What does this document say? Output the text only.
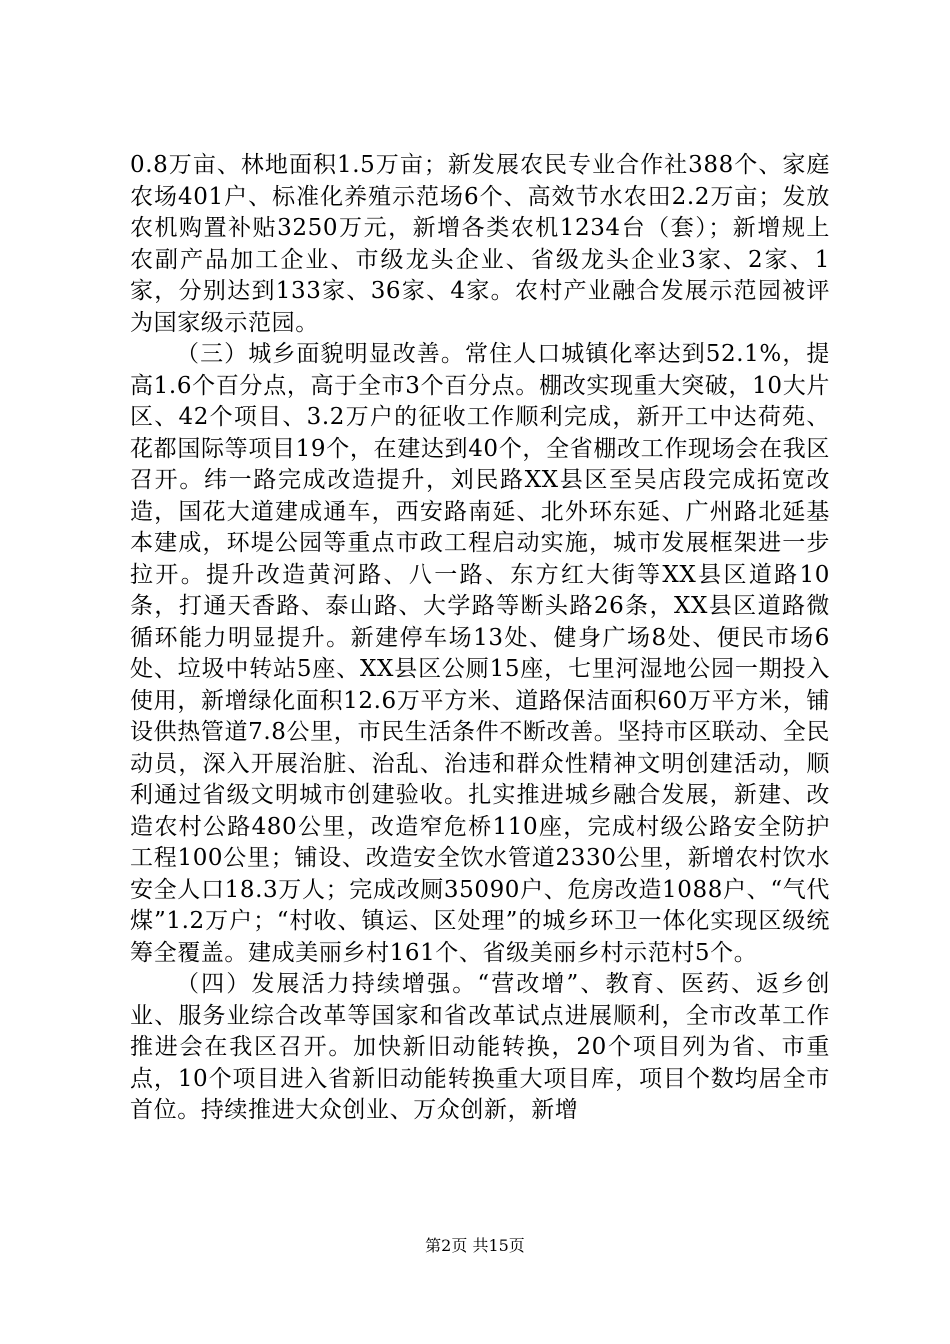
0.8万亩、林地面积1.5万亩；新发展农民专业合作社388个、家庭农场401户、标准化养殖示范场6个、高效节水农田2.2万亩；发放农机购置补贴3250万元，新增各类农机1234台（套）；新增规上农副产品加工企业、市级龙头企业、省级龙头企业3家、2家、1家，分别达到133家、36家、4家。农村产业融合发展示范园被评为国家级示范园。

（三）城乡面貌明显改善。常住人口城镇化率达到52.1%，提高1.6个百分点，高于全市3个百分点。棚改实现重大突破，10大片区、42个项目、3.2万户的征收工作顺利完成，新开工中达荷苑、花都国际等项目19个，在建达到40个，全省棚改工作现场会在我区召开。纬一路完成改造提升，刘民路XX县区至吴店段完成拓宽改造，国花大道建成通车，西安路南延、北外环东延、广州路北延基本建成，环堤公园等重点市政工程启动实施，城市发展框架进一步拉开。提升改造黄河路、八一路、东方红大街等XX县区道路10条，打通天香路、泰山路、大学路等断头路26条，XX县区道路微循环能力明显提升。新建停车场13处、健身广场8处、便民市场6处、垃圾中转站5座、XX县区公厕15座，七里河湿地公园一期投入使用，新增绿化面积12.6万平方米、道路保洁面积60万平方米，铺设供热管道7.8公里，市民生活条件不断改善。坚持市区联动、全民动员，深入开展治脏、治乱、治违和群众性精神文明创建活动，顺利通过省级文明城市创建验收。扎实推进城乡融合发展，新建、改造农村公路480公里，改造窄危桥110座，完成村级公路安全防护工程100公里；铺设、改造安全饮水管道2330公里，新增农村饮水安全人口18.3万人；完成改厕35090户、危房改造1088户、“气代煤”1.2万户；“村收、镇运、区处理”的城乡环卫一体化实现区级统筹全覆盖。建成美丽乡村161个、省级美丽乡村示范村5个。

（四）发展活力持续增强。“营改增”、教育、医药、返乡创业、服务业综合改革等国家和省改革试点进展顺利，全市改革工作推进会在我区召开。加快新旧动能转换，20个项目列为省、市重点，10个项目进入省新旧动能转换重大项目库，项目个数均居全市首位。持续推进大众创业、万众创新，新增

第2页 共15页
